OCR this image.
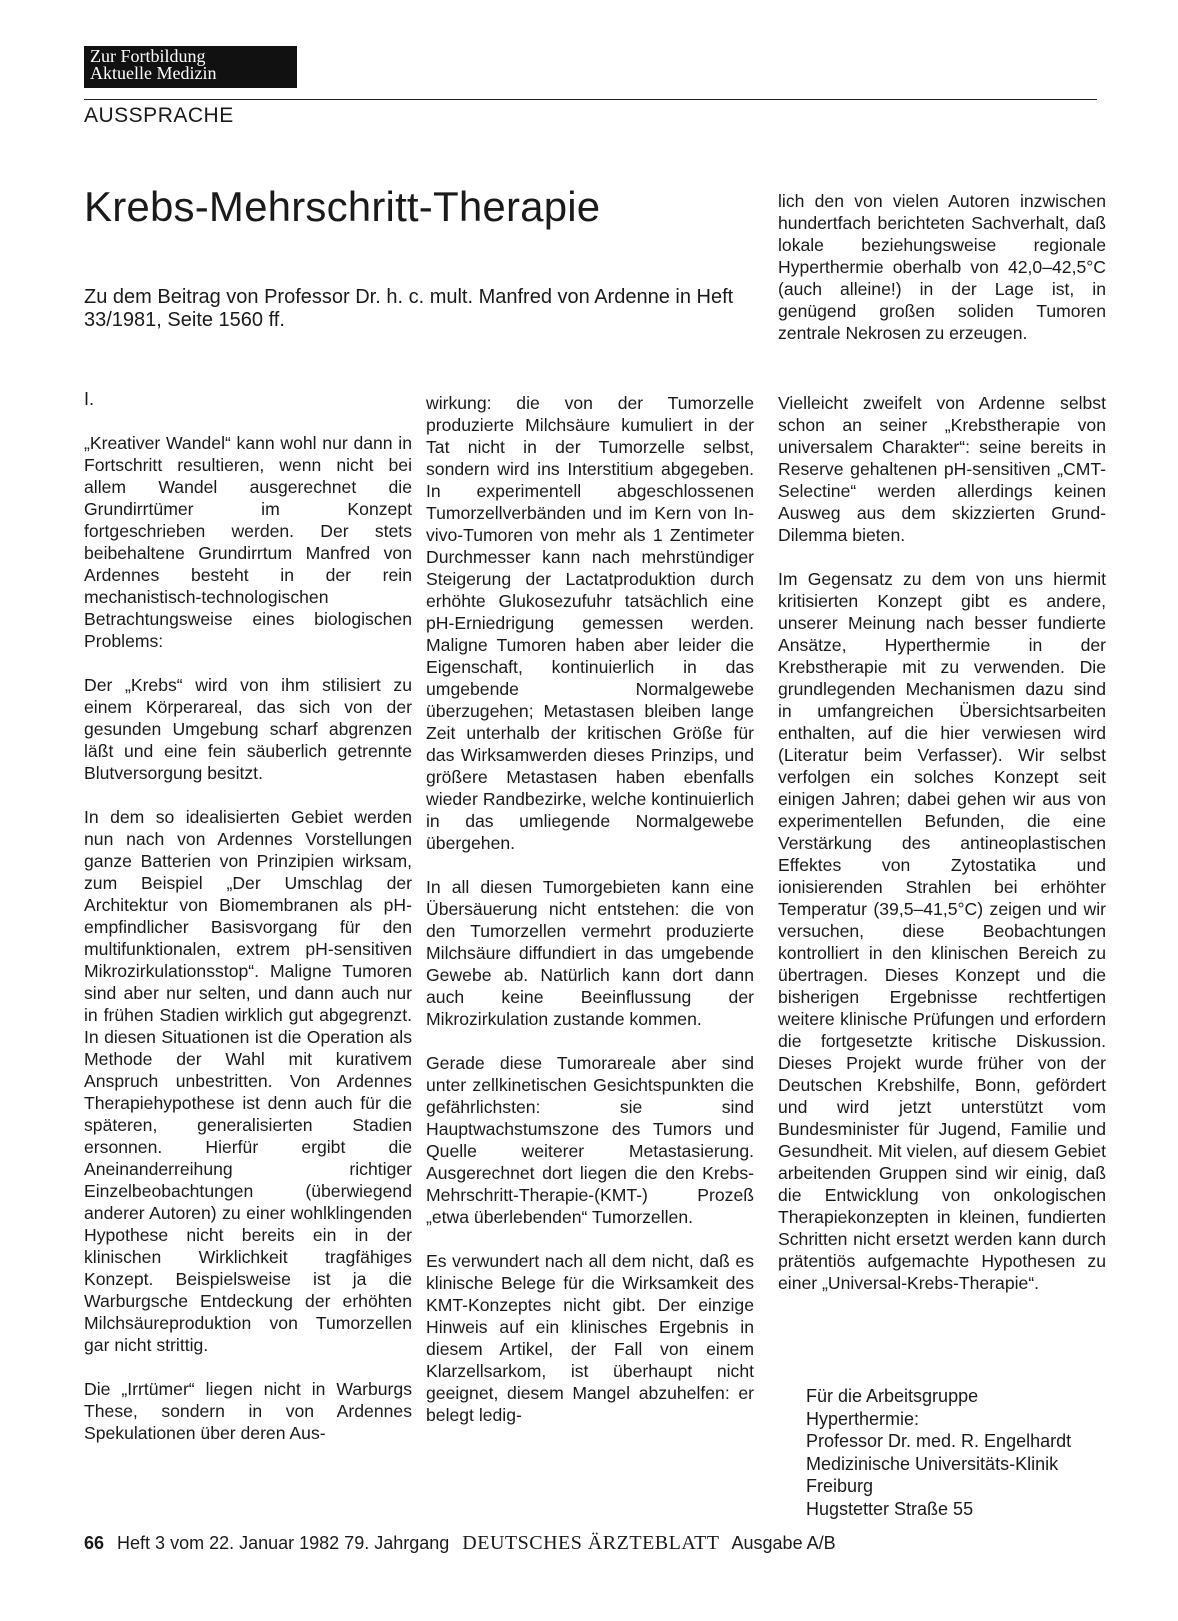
Zur Fortbildung
Aktuelle Medizin
AUSSPRACHE
Krebs-Mehrschritt-Therapie
Zu dem Beitrag von Professor Dr. h. c. mult. Manfred von Ardenne in Heft 33/1981, Seite 1560 ff.

lich den von vielen Autoren inzwischen hundertfach berichteten Sachverhalt, daß lokale beziehungsweise regionale Hyperthermie oberhalb von 42,0–42,5°C (auch alleine!) in der Lage ist, in genügend großen soliden Tumoren zentrale Nekrosen zu erzeugen.

I.

„Kreativer Wandel“ kann wohl nur dann in Fortschritt resultieren, wenn nicht bei allem Wandel ausgerechnet die Grundirrtümer im Konzept fortgeschrieben werden. Der stets beibehaltene Grundirrtum Manfred von Ardennes besteht in der rein mechanistisch-technologischen Betrachtungsweise eines biologischen Problems:

Der „Krebs“ wird von ihm stilisiert zu einem Körperareal, das sich von der gesunden Umgebung scharf abgrenzen läßt und eine fein säuberlich getrennte Blutversorgung besitzt.

In dem so idealisierten Gebiet werden nun nach von Ardennes Vorstellungen ganze Batterien von Prinzipien wirksam, zum Beispiel „Der Umschlag der Architektur von Biomembranen als pH-empfindlicher Basisvorgang für den multifunktionalen, extrem pH-sensitiven Mikrozirkulationsstop“. Maligne Tumoren sind aber nur selten, und dann auch nur in frühen Stadien wirklich gut abgegrenzt. In diesen Situationen ist die Operation als Methode der Wahl mit kurativem Anspruch unbestritten. Von Ardennes Therapiehypothese ist denn auch für die späteren, generalisierten Stadien ersonnen. Hierfür ergibt die Aneinanderreihung richtiger Einzelbeobachtungen (überwiegend anderer Autoren) zu einer wohlklingenden Hypothese nicht bereits ein in der klinischen Wirklichkeit tragfähiges Konzept. Beispielsweise ist ja die Warburgsche Entdeckung der erhöhten Milchsäureproduktion von Tumorzellen gar nicht strittig.

Die „Irrtümer“ liegen nicht in Warburgs These, sondern in von Ardennes Spekulationen über deren Aus-

wirkung: die von der Tumorzelle produzierte Milchsäure kumuliert in der Tat nicht in der Tumorzelle selbst, sondern wird ins Interstitium abgegeben. In experimentell abgeschlossenen Tumorzellverbänden und im Kern von In-vivo-Tumoren von mehr als 1 Zentimeter Durchmesser kann nach mehrstündiger Steigerung der Lactatproduktion durch erhöhte Glukosezufuhr tatsächlich eine pH-Erniedrigung gemessen werden. Maligne Tumoren haben aber leider die Eigenschaft, kontinuierlich in das umgebende Normalgewebe überzugehen; Metastasen bleiben lange Zeit unterhalb der kritischen Größe für das Wirksamwerden dieses Prinzips, und größere Metastasen haben ebenfalls wieder Randbezirke, welche kontinuierlich in das umliegende Normalgewebe übergehen.

In all diesen Tumorgebieten kann eine Übersäuerung nicht entstehen: die von den Tumorzellen vermehrt produzierte Milchsäure diffundiert in das umgebende Gewebe ab. Natürlich kann dort dann auch keine Beeinflussung der Mikrozirkulation zustande kommen.

Gerade diese Tumorareale aber sind unter zellkinetischen Gesichtspunkten die gefährlichsten: sie sind Hauptwachstumszone des Tumors und Quelle weiterer Metastasierung. Ausgerechnet dort liegen die den Krebs-Mehrschritt-Therapie-(KMT-) Prozeß „etwa überlebenden“ Tumorzellen.

Es verwundert nach all dem nicht, daß es klinische Belege für die Wirksamkeit des KMT-Konzeptes nicht gibt. Der einzige Hinweis auf ein klinisches Ergebnis in diesem Artikel, der Fall von einem Klarzellsarkom, ist überhaupt nicht geeignet, diesem Mangel abzuhelfen: er belegt ledig-

Vielleicht zweifelt von Ardenne selbst schon an seiner „Krebstherapie von universalem Charakter“: seine bereits in Reserve gehaltenen pH-sensitiven „CMT-Selectine“ werden allerdings keinen Ausweg aus dem skizzierten Grund-Dilemma bieten.

Im Gegensatz zu dem von uns hiermit kritisierten Konzept gibt es andere, unserer Meinung nach besser fundierte Ansätze, Hyperthermie in der Krebstherapie mit zu verwenden. Die grundlegenden Mechanismen dazu sind in umfangreichen Übersichtsarbeiten enthalten, auf die hier verwiesen wird (Literatur beim Verfasser). Wir selbst verfolgen ein solches Konzept seit einigen Jahren; dabei gehen wir aus von experimentellen Befunden, die eine Verstärkung des antineoplastischen Effektes von Zytostatika und ionisierenden Strahlen bei erhöhter Temperatur (39,5–41,5°C) zeigen und wir versuchen, diese Beobachtungen kontrolliert in den klinischen Bereich zu übertragen. Dieses Konzept und die bisherigen Ergebnisse rechtfertigen weitere klinische Prüfungen und erfordern die fortgesetzte kritische Diskussion. Dieses Projekt wurde früher von der Deutschen Krebshilfe, Bonn, gefördert und wird jetzt unterstützt vom Bundesminister für Jugend, Familie und Gesundheit. Mit vielen, auf diesem Gebiet arbeitenden Gruppen sind wir einig, daß die Entwicklung von onkologischen Therapiekonzepten in kleinen, fundierten Schritten nicht ersetzt werden kann durch prätentiös aufgemachte Hypothesen zu einer „Universal-Krebs-Therapie“.

Für die Arbeitsgruppe
Hyperthermie:
Professor Dr. med. R. Engelhardt
Medizinische Universitäts-Klinik
Freiburg
Hugstetter Straße 55
66 Heft 3 vom 22. Januar 1982 79. Jahrgang DEUTSCHES ÄRZTEBLATT Ausgabe A/B
